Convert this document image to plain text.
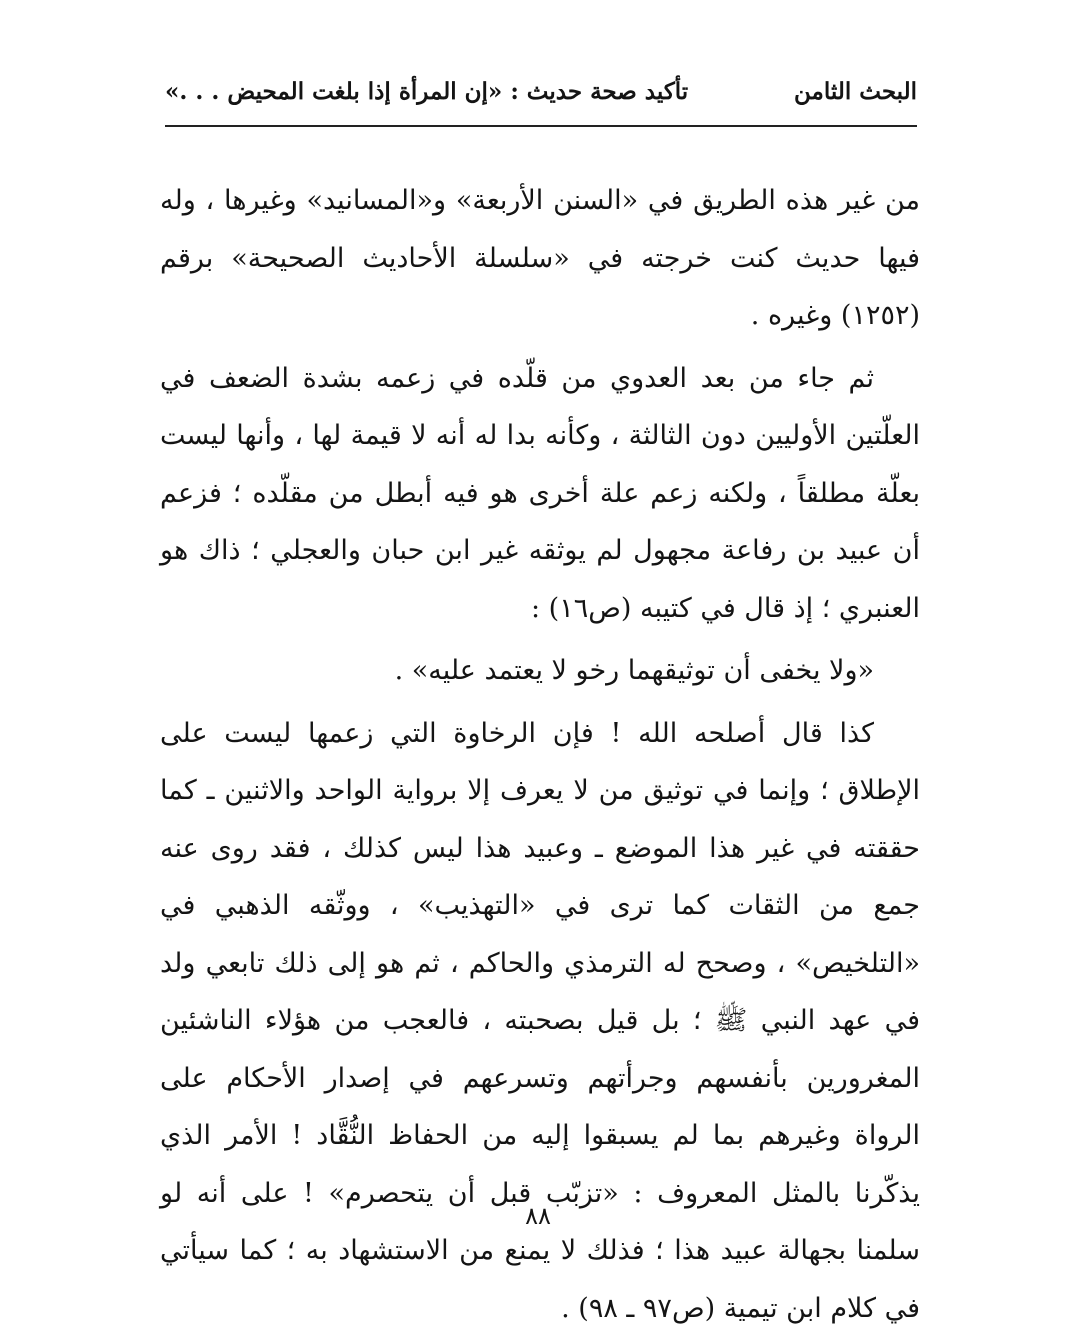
البحث الثامن
تأكيد صحة حديث : «إن المرأة إذا بلغت المحيض . . .»

من غير هذه الطريق في «السنن الأربعة» و«المسانيد» وغيرها ، وله فيها حديث كنت خرجته في «سلسلة الأحاديث الصحيحة» برقم (١٢٥٢) وغيره .

ثم جاء من بعد العدوي من قلّده في زعمه بشدة الضعف في العلّتين الأوليين دون الثالثة ، وكأنه بدا له أنه لا قيمة لها ، وأنها ليست بعلّة مطلقاً ، ولكنه زعم علة أخرى هو فيه أبطل من مقلّده ؛ فزعم أن عبيد بن رفاعة مجهول لم يوثقه غير ابن حبان والعجلي ؛ ذاك هو العنبري ؛ إذ قال في كتيبه (ص١٦) :

«ولا يخفى أن توثيقهما رخو لا يعتمد عليه» .

كذا قال أصلحه الله ! فإن الرخاوة التي زعمها ليست على الإطلاق ؛ وإنما في توثيق من لا يعرف إلا برواية الواحد والاثنين ـ كما حققته في غير هذا الموضع ـ وعبيد هذا ليس كذلك ، فقد روى عنه جمع من الثقات كما ترى في «التهذيب» ، ووثّقه الذهبي في «التلخيص» ، وصحح له الترمذي والحاكم ، ثم هو إلى ذلك تابعي ولد في عهد النبي ﷺ ؛ بل قيل بصحبته ، فالعجب من هؤلاء الناشئين المغرورين بأنفسهم وجرأتهم وتسرعهم في إصدار الأحكام على الرواة وغيرهم بما لم يسبقوا إليه من الحفاظ النُّقَّاد ! الأمر الذي يذكّرنا بالمثل المعروف : «تزبّب قبل أن يتحصرم» ! على أنه لو سلمنا بجهالة عبيد هذا ؛ فذلك لا يمنع من الاستشهاد به ؛ كما سيأتي في كلام ابن تيمية (ص٩٧ ـ ٩٨) .

٨٨
